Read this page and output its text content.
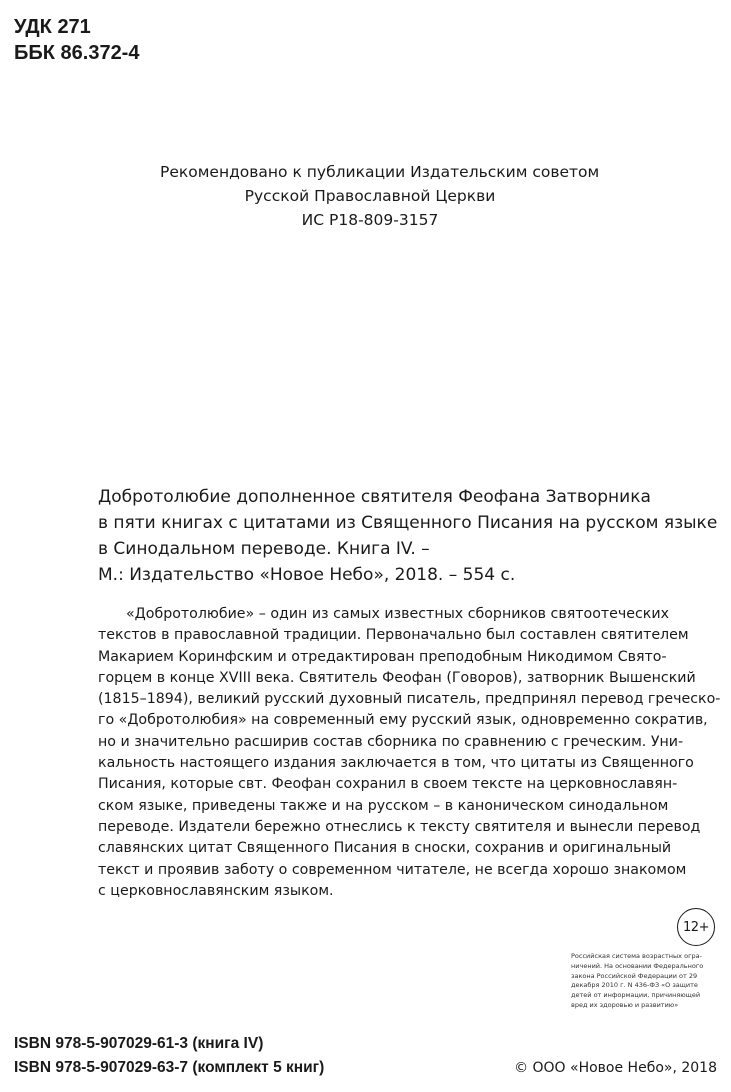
УДК 271
ББК 86.372-4
Рекомендовано к публикации Издательским советом
Русской Православной Церкви
ИС Р18-809-3157
Добротолюбие дополненное святителя Феофана Затворника
в пяти книгах с цитатами из Священного Писания на русском языке
в Синодальном переводе. Книга IV. –
М.: Издательство «Новое Небо», 2018. – 554 с.
«Добротолюбие» – один из самых известных сборников святоотеческих
текстов в православной традиции. Первоначально был составлен святителем
Макарием Коринфским и отредактирован преподобным Никодимом Свято-
горцем в конце XVIII века. Святитель Феофан (Говоров), затворник Вышенский
(1815–1894), великий русский духовный писатель, предпринял перевод греческо-
го «Добротолюбия» на современный ему русский язык, одновременно сократив,
но и значительно расширив состав сборника по сравнению с греческим. Уни-
кальность настоящего издания заключается в том, что цитаты из Священного
Писания, которые свт. Феофан сохранил в своем тексте на церковнославян-
ском языке, приведены также и на русском – в каноническом синодальном
переводе. Издатели бережно отнеслись к тексту святителя и вынесли перевод
славянских цитат Священного Писания в сноски, сохранив и оригинальный
текст и проявив заботу о современном читателе, не всегда хорошо знакомом
с церковнославянским языком.
12+
Российская система возрастных огра-
ничений. На основании Федерального
закона Российской Федерации от 29
декабря 2010 г. N 436-ФЗ «О защите
детей от информации, причиняющей
вред их здоровью и развитию»
ISBN 978-5-907029-61-3 (книга IV)
ISBN 978-5-907029-63-7 (комплект 5 книг)	© ООО «Новое Небо», 2018
